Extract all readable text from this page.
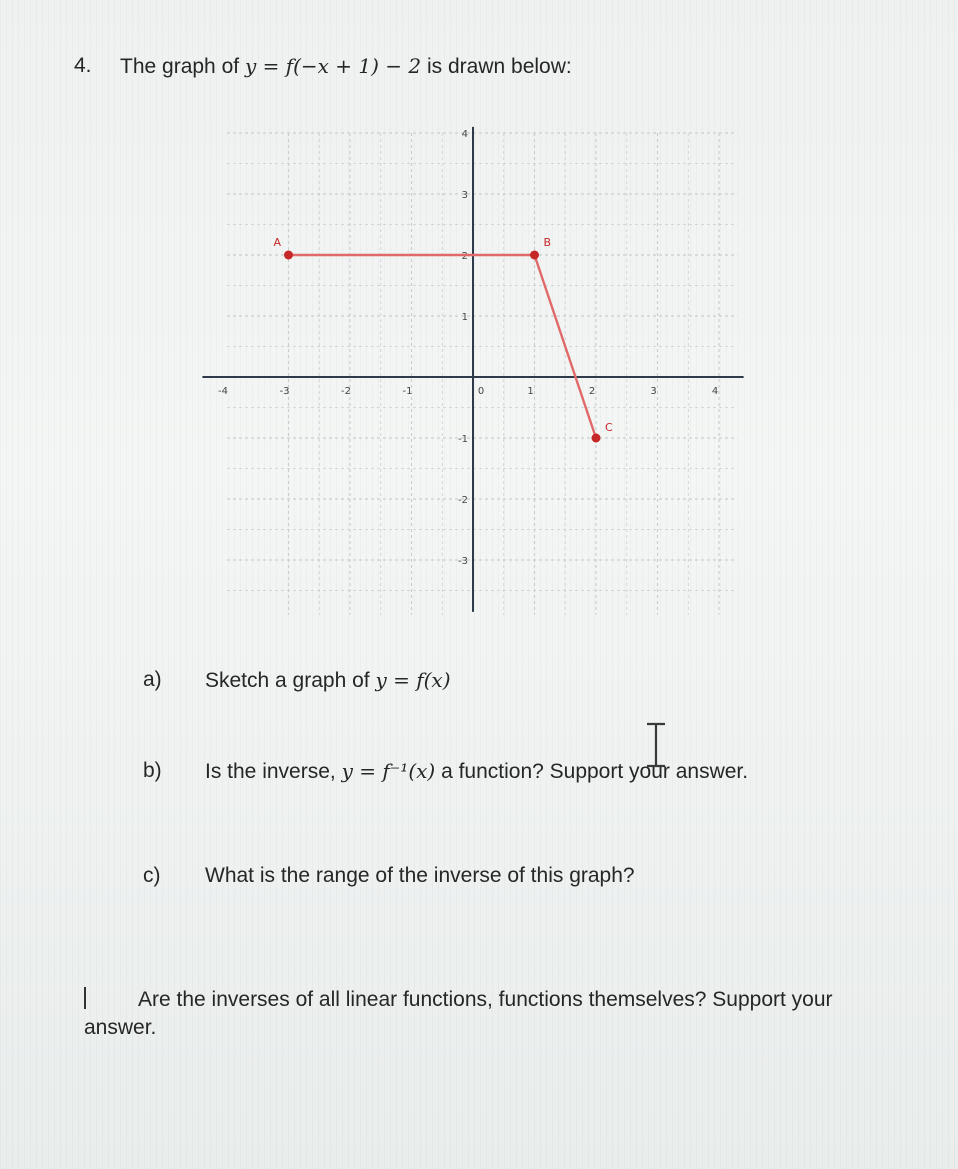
4. The graph of y = f(−x + 1) − 2 is drawn below:
-4	-3	-2	-1	0	1	2	3	4
-3
-2
-1
1
2
3
4
A	B
C
a) Sketch a graph of y = f(x)
b) Is the inverse, y = f⁻¹(x) a function? Support your answer.
c) What is the range of the inverse of this graph?
Are the inverses of all linear functions, functions themselves? Support your answer.
